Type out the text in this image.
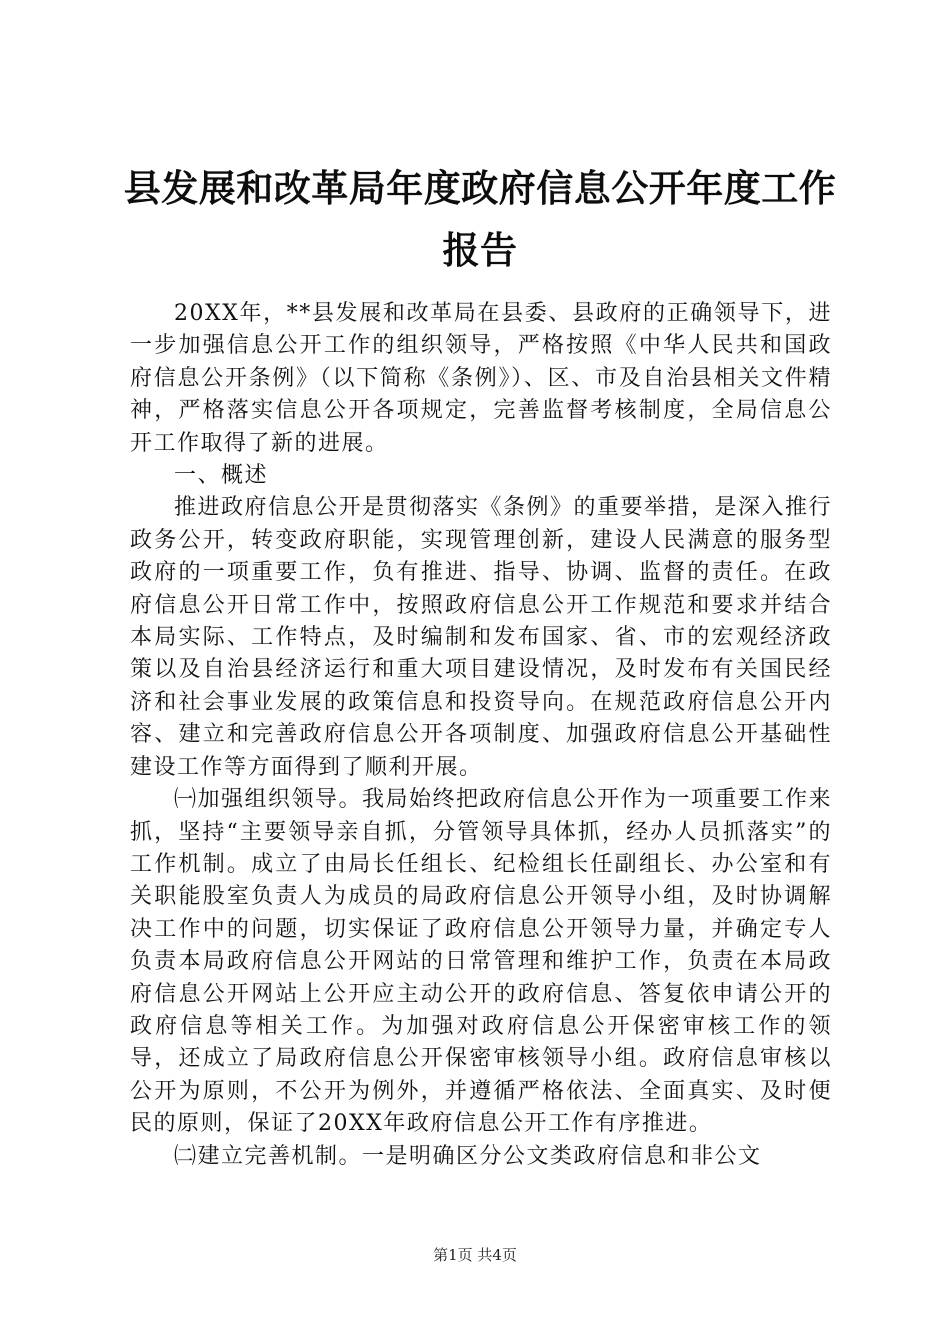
县发展和改革局年度政府信息公开年度工作报告

20XX年，**县发展和改革局在县委、县政府的正确领导下，进一步加强信息公开工作的组织领导，严格按照《中华人民共和国政府信息公开条例》（以下简称《条例》）、区、市及自治县相关文件精神，严格落实信息公开各项规定，完善监督考核制度，全局信息公开工作取得了新的进展。

一、概述

推进政府信息公开是贯彻落实《条例》的重要举措，是深入推行政务公开，转变政府职能，实现管理创新，建设人民满意的服务型政府的一项重要工作，负有推进、指导、协调、监督的责任。在政府信息公开日常工作中，按照政府信息公开工作规范和要求并结合本局实际、工作特点，及时编制和发布国家、省、市的宏观经济政策以及自治县经济运行和重大项目建设情况，及时发布有关国民经济和社会事业发展的政策信息和投资导向。在规范政府信息公开内容、建立和完善政府信息公开各项制度、加强政府信息公开基础性建设工作等方面得到了顺利开展。

㈠加强组织领导。我局始终把政府信息公开作为一项重要工作来抓，坚持“主要领导亲自抓，分管领导具体抓，经办人员抓落实”的工作机制。成立了由局长任组长、纪检组长任副组长、办公室和有关职能股室负责人为成员的局政府信息公开领导小组，及时协调解决工作中的问题，切实保证了政府信息公开领导力量，并确定专人负责本局政府信息公开网站的日常管理和维护工作，负责在本局政府信息公开网站上公开应主动公开的政府信息、答复依申请公开的政府信息等相关工作。为加强对政府信息公开保密审核工作的领导，还成立了局政府信息公开保密审核领导小组。政府信息审核以公开为原则，不公开为例外，并遵循严格依法、全面真实、及时便民的原则，保证了20XX年政府信息公开工作有序推进。

㈡建立完善机制。一是明确区分公文类政府信息和非公文

第1页 共4页
